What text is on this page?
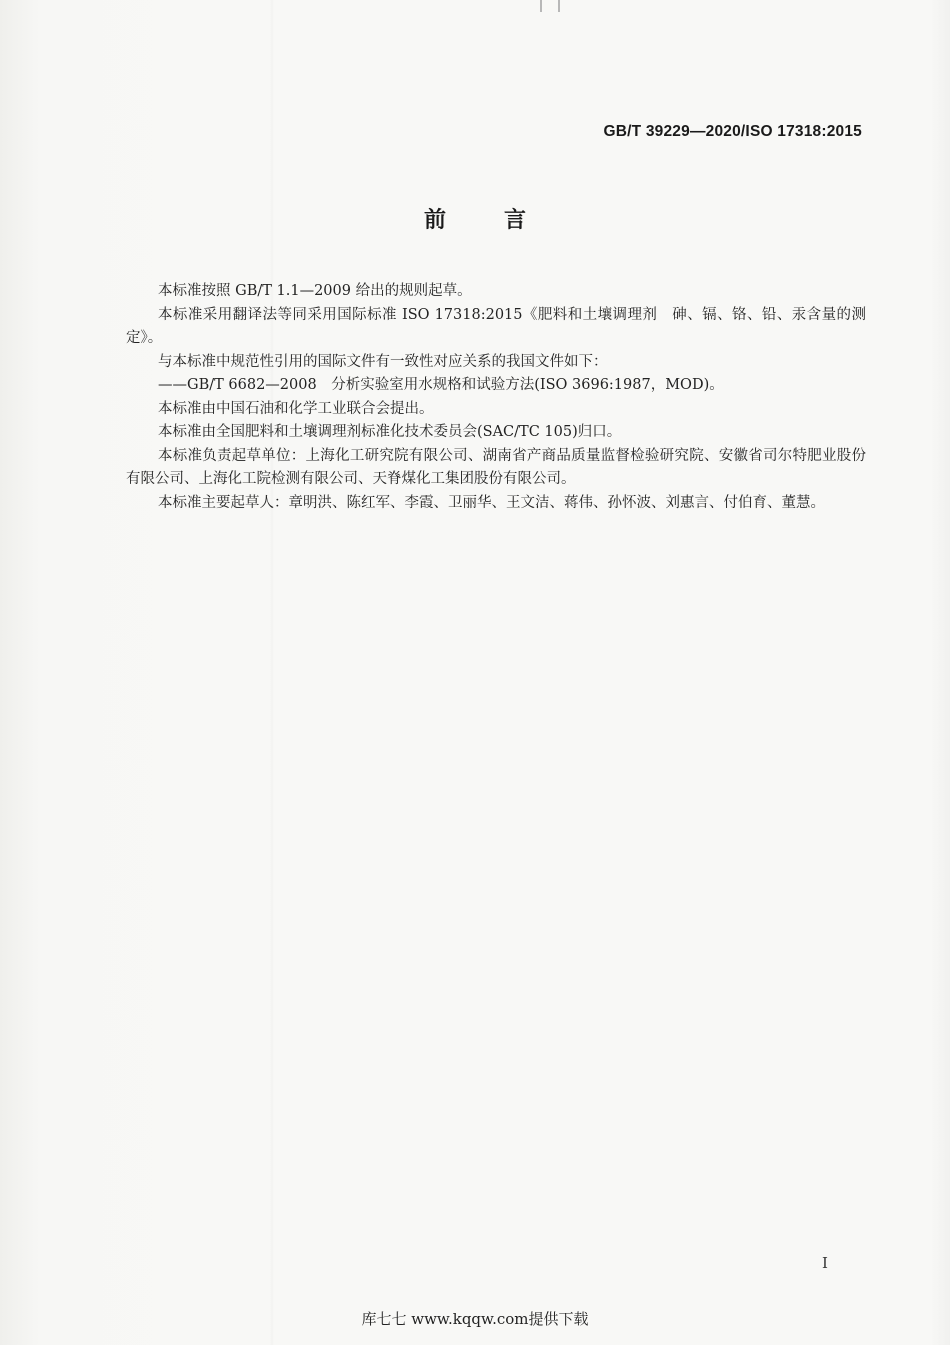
GB/T 39229—2020/ISO 17318:2015
前言

本标准按照 GB/T 1.1—2009 给出的规则起草。

本标准采用翻译法等同采用国际标准 ISO 17318:2015《肥料和土壤调理剂　砷、镉、铬、铅、汞含量的测定》。

与本标准中规范性引用的国际文件有一致性对应关系的我国文件如下：

——GB/T 6682—2008　分析实验室用水规格和试验方法(ISO 3696:1987，MOD)。

本标准由中国石油和化学工业联合会提出。

本标准由全国肥料和土壤调理剂标准化技术委员会(SAC/TC 105)归口。

本标准负责起草单位：上海化工研究院有限公司、湖南省产商品质量监督检验研究院、安徽省司尔特肥业股份有限公司、上海化工院检测有限公司、天脊煤化工集团股份有限公司。

本标准主要起草人：章明洪、陈红军、李霞、卫丽华、王文洁、蒋伟、孙怀波、刘惠言、付伯育、董慧。

I
库七七 www.kqqw.com提供下载
